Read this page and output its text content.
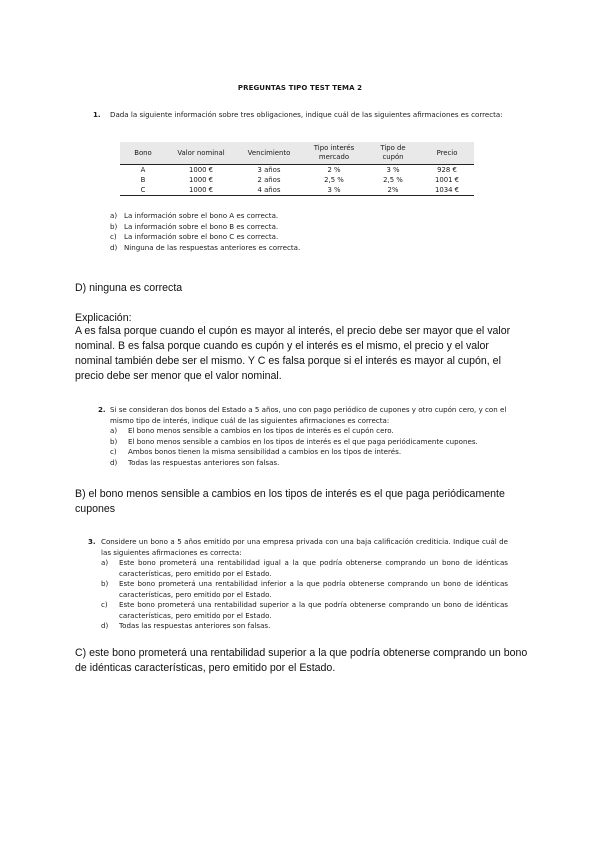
PREGUNTAS TIPO TEST TEMA 2
1.	Dada la siguiente información sobre tres obligaciones, indique cuál de las siguientes afirmaciones es correcta:
Bono	Valor nominal	Vencimiento	Tipo interés mercado	Tipo de cupón	Precio
A	1000 €	3 años	2 %	3 %	928 €
B	1000 €	2 años	2,5 %	2,5 %	1001 €
C	1000 €	4 años	3 %	2%	1034 €
a) La información sobre el bono A es correcta.
b) La información sobre el bono B es correcta.
c)	La información sobre el bono C es correcta.
d) Ninguna de las respuestas anteriores es correcta.
D) ninguna es correcta
Explicación:
A es falsa porque cuando el cupón es mayor al interés, el precio debe ser mayor que el valor nominal. B es falsa porque cuando es cupón y el interés es el mismo, el precio y el valor nominal también debe ser el mismo. Y C es falsa porque si el interés es mayor al cupón, el precio debe ser menor que el valor nominal.
2. Si se consideran dos bonos del Estado a 5 años, uno con pago periódico de cupones y otro cupón cero, y con el mismo tipo de interés, indique cuál de las siguientes afirmaciones es correcta:
a)	El bono menos sensible a cambios en los tipos de interés es el cupón cero.
b)	El bono menos sensible a cambios en los tipos de interés es el que paga periódicamente cupones.
c)	Ambos bonos tienen la misma sensibilidad a cambios en los tipos de interés.
d)	Todas las respuestas anteriores son falsas.
B) el bono menos sensible a cambios en los tipos de interés es el que paga periódicamente cupones
3. Considere un bono a 5 años emitido por una empresa privada con una baja calificación crediticia. Indique cuál de las siguientes afirmaciones es correcta:
a)	Este bono prometerá una rentabilidad igual a la que podría obtenerse comprando un bono de idénticas características, pero emitido por el Estado.
b)	Este bono prometerá una rentabilidad inferior a la que podría obtenerse comprando un bono de idénticas características, pero emitido por el Estado.
c)	Este bono prometerá una rentabilidad superior a la que podría obtenerse comprando un bono de idénticas características, pero emitido por el Estado.
d)	Todas las respuestas anteriores son falsas.
C) este bono prometerá una rentabilidad superior a la que podría obtenerse comprando un bono de idénticas características, pero emitido por el Estado.
